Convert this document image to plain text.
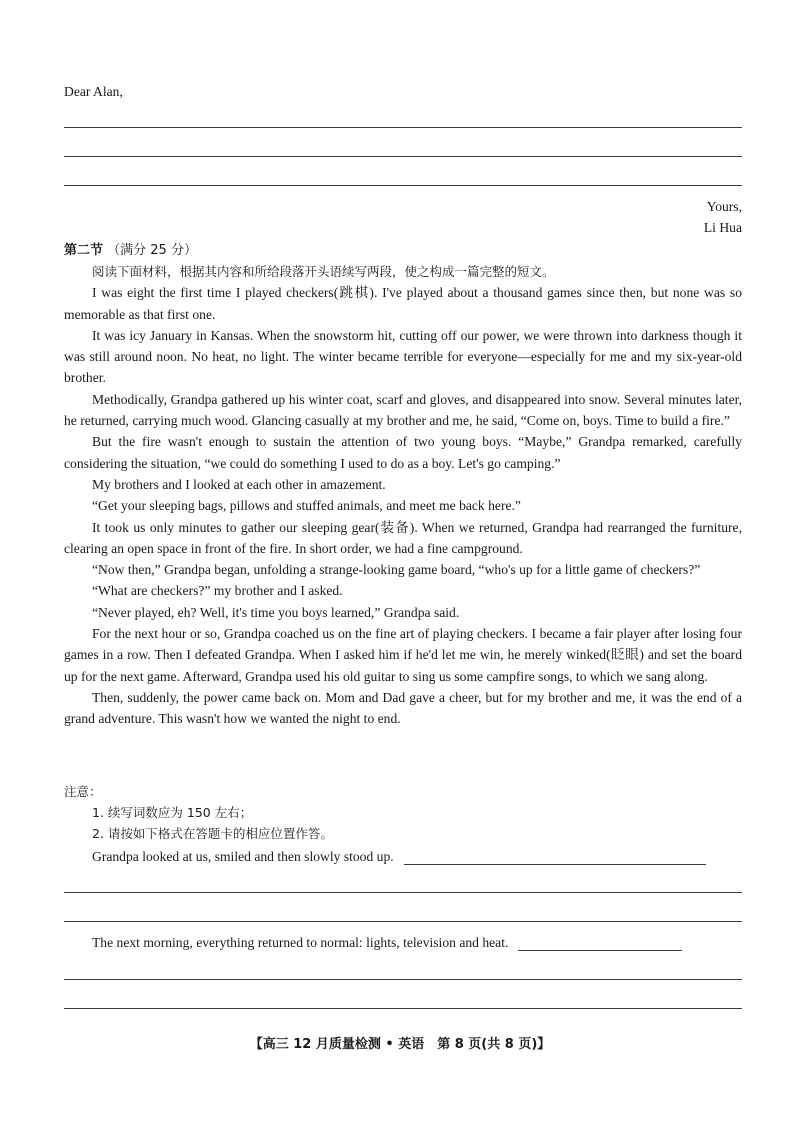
Dear Alan,
Yours,
Li Hua
第二节 （满分 25 分）

阅读下面材料，根据其内容和所给段落开头语续写两段，使之构成一篇完整的短文。

I was eight the first time I played checkers(跳棋). I've played about a thousand games since then, but none was so memorable as that first one.

It was icy January in Kansas. When the snowstorm hit, cutting off our power, we were thrown into darkness though it was still around noon. No heat, no light. The winter became terrible for everyone—especially for me and my six-year-old brother.

Methodically, Grandpa gathered up his winter coat, scarf and gloves, and disappeared into snow. Several minutes later, he returned, carrying much wood. Glancing casually at my brother and me, he said, “Come on, boys. Time to build a fire.”

But the fire wasn't enough to sustain the attention of two young boys. “Maybe,” Grandpa remarked, carefully considering the situation, “we could do something I used to do as a boy. Let's go camping.”

My brothers and I looked at each other in amazement.

“Get your sleeping bags, pillows and stuffed animals, and meet me back here.”

It took us only minutes to gather our sleeping gear(装备). When we returned, Grandpa had rearranged the furniture, clearing an open space in front of the fire. In short order, we had a fine campground.

“Now then,” Grandpa began, unfolding a strange-looking game board, “who's up for a little game of checkers?”

“What are checkers?” my brother and I asked.

“Never played, eh? Well, it's time you boys learned,” Grandpa said.

For the next hour or so, Grandpa coached us on the fine art of playing checkers. I became a fair player after losing four games in a row. Then I defeated Grandpa. When I asked him if he'd let me win, he merely winked(眨眼) and set the board up for the next game. Afterward, Grandpa used his old guitar to sing us some campfire songs, to which we sang along.

Then, suddenly, the power came back on. Mom and Dad gave a cheer, but for my brother and me, it was the end of a grand adventure. This wasn't how we wanted the night to end.

注意：
1. 续写词数应为 150 左右；
2. 请按如下格式在答题卡的相应位置作答。
Grandpa looked at us, smiled and then slowly stood up.
The next morning, everything returned to normal: lights, television and heat.
【高三 12 月质量检测 • 英语　第 8 页(共 8 页)】
